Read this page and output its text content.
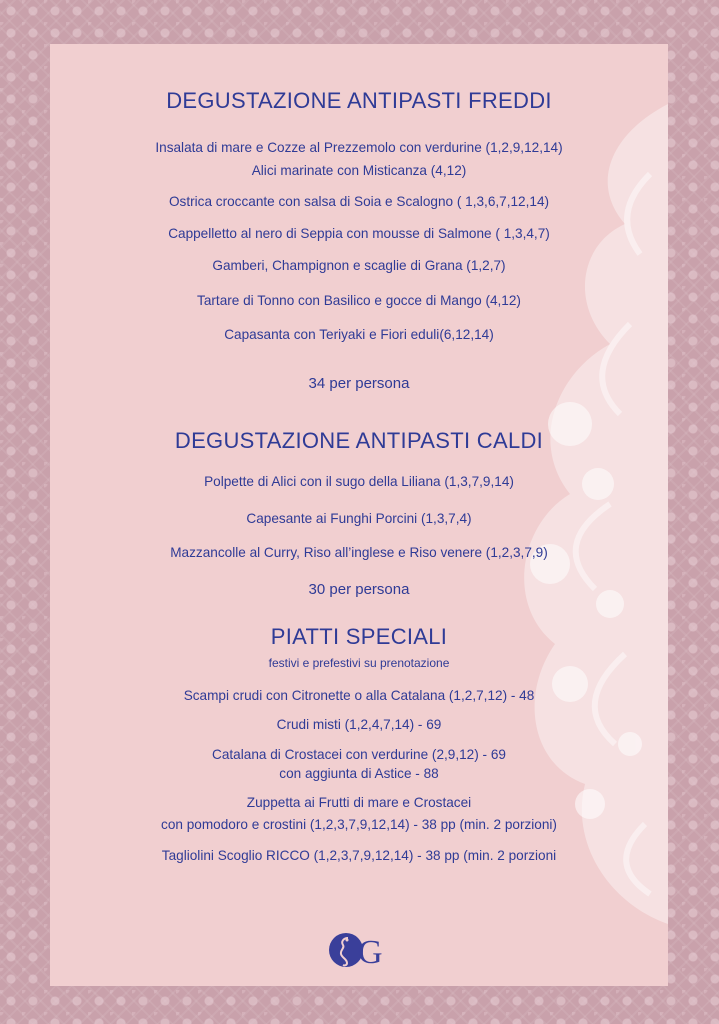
DEGUSTAZIONE ANTIPASTI FREDDI
Insalata di mare e Cozze al Prezzemolo con verdurine (1,2,9,12,14)
Alici marinate con Misticanza (4,12)
Ostrica croccante con salsa di Soia e Scalogno ( 1,3,6,7,12,14)
Cappelletto al nero di Seppia con mousse di Salmone ( 1,3,4,7)
Gamberi, Champignon e scaglie di Grana (1,2,7)
Tartare di Tonno con Basilico e gocce di Mango (4,12)
Capasanta con Teriyaki e Fiori eduli(6,12,14)
34 per persona
DEGUSTAZIONE ANTIPASTI CALDI
Polpette di Alici con il sugo della Liliana (1,3,7,9,14)
Capesante ai Funghi Porcini (1,3,7,4)
Mazzancolle al Curry, Riso all’inglese e Riso venere (1,2,3,7,9)
30 per persona
PIATTI SPECIALI
festivi e prefestivi su prenotazione
Scampi crudi con Citronette o alla Catalana (1,2,7,12) - 48
Crudi misti (1,2,4,7,14) - 69
Catalana di Crostacei con verdurine (2,9,12) - 69
con aggiunta di Astice - 88
Zuppetta ai Frutti di mare e Crostacei
con pomodoro e crostini (1,2,3,7,9,12,14) - 38 pp (min. 2 porzioni)
Tagliolini Scoglio RICCO (1,2,3,7,9,12,14) - 38 pp (min. 2 porzioni
G
